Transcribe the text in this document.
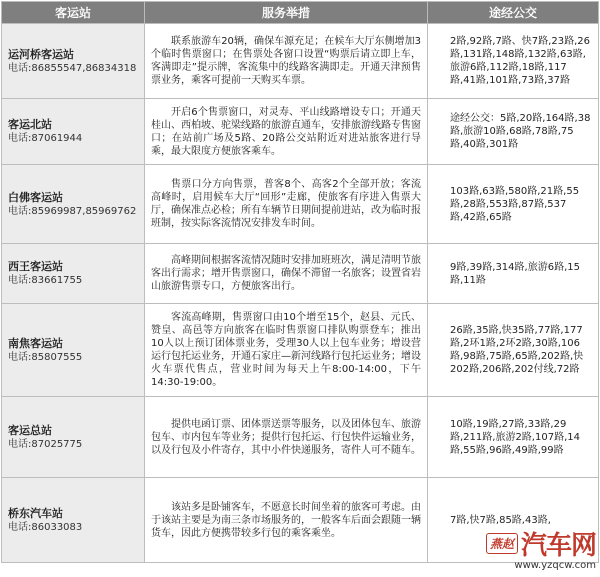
客运站	服务举措	途经公交

运河桥客运站
电话:86855547,86834318	联系旅游车20辆，确保车源充足；在候车大厅东侧增加3个临时售票窗口；在售票处各窗口设置“购票后请立即上车，客满即走”提示牌，客流集中的线路客满即走。开通天津预售票业务，乘客可提前一天购买车票。	2路,92路,7路、快7路,23路,26路,131路,148路,132路,63路,旅游6路,112路,18路,117路,41路,101路,73路,37路

客运北站
电话:87061944	开启6个售票窗口，对灵寿、平山线路增设专口；开通天桂山、西柏坡、驼梁线路的旅游直通车，安排旅游线路专售窗口；在站前广场及5路、20路公交站附近对进站旅客进行导乘，最大限度方便旅客乘车。	途经公交：5路,20路,164路,38路,旅游10路,68路,78路,75路,40路,301路

白佛客运站
电话:85969987,85969762	售票口分方向售票，普客8个、高客2个全部开放；客流高峰时，启用候车大厅“回形”走廊，使旅客有序进入售票大厅，确保准点必检；所有车辆节日期间提前进站，改为临时报班制，按实际客流情况安排发车时间。	103路,63路,580路,21路,55路,28路,553路,87路,537路,42路,65路

西王客运站
电话:83661755	高峰期间根据客流情况随时安排加班班次，满足清明节旅客出行需求；增开售票窗口，确保不滞留一名旅客；设置省岩山旅游售票专口，方便旅客出行。	9路,39路,314路,旅游6路,15路,11路

南焦客运站
电话:85807555	客流高峰期，售票窗口由10个增至15个，赵县、元氏、赞皇、高邑等方向旅客在临时售票窗口排队购票登车；推出10人以上预订团体票业务，受理30人以上包车业务；增设营运行包托运业务，开通石家庄—新河线路行包托运业务；增设火车票代售点，营业时间为每天上午8:00-14:00，下午14:30-19:00。	26路,35路,快35路,77路,177路,2环1路,2环2路,30路,106路,98路,75路,65路,202路,快202路,206路,202付线,72路

客运总站
电话:87025775	提供电函订票、团体票送票等服务，以及团体包车、旅游包车、市内包车等业务；提供行包托运、行包快件运输业务，以及行包及小件寄存，其中小件快递服务，寄件人可不随车。	10路,19路,27路,33路,29路,211路,旅游2路,107路,14路,55路,96路,49路,99路

桥东汽车站
电话:86033083	该站多是卧铺客车，不愿意长时间坐着的旅客可考虑。由于该站主要是为南三条市场服务的，一般客车后面会跟随一辆货车，因此方便携带较多行包的乘客乘坐。	7路,快7路,85路,43路,
燕赵 汽车网
www.yzqcw.com
